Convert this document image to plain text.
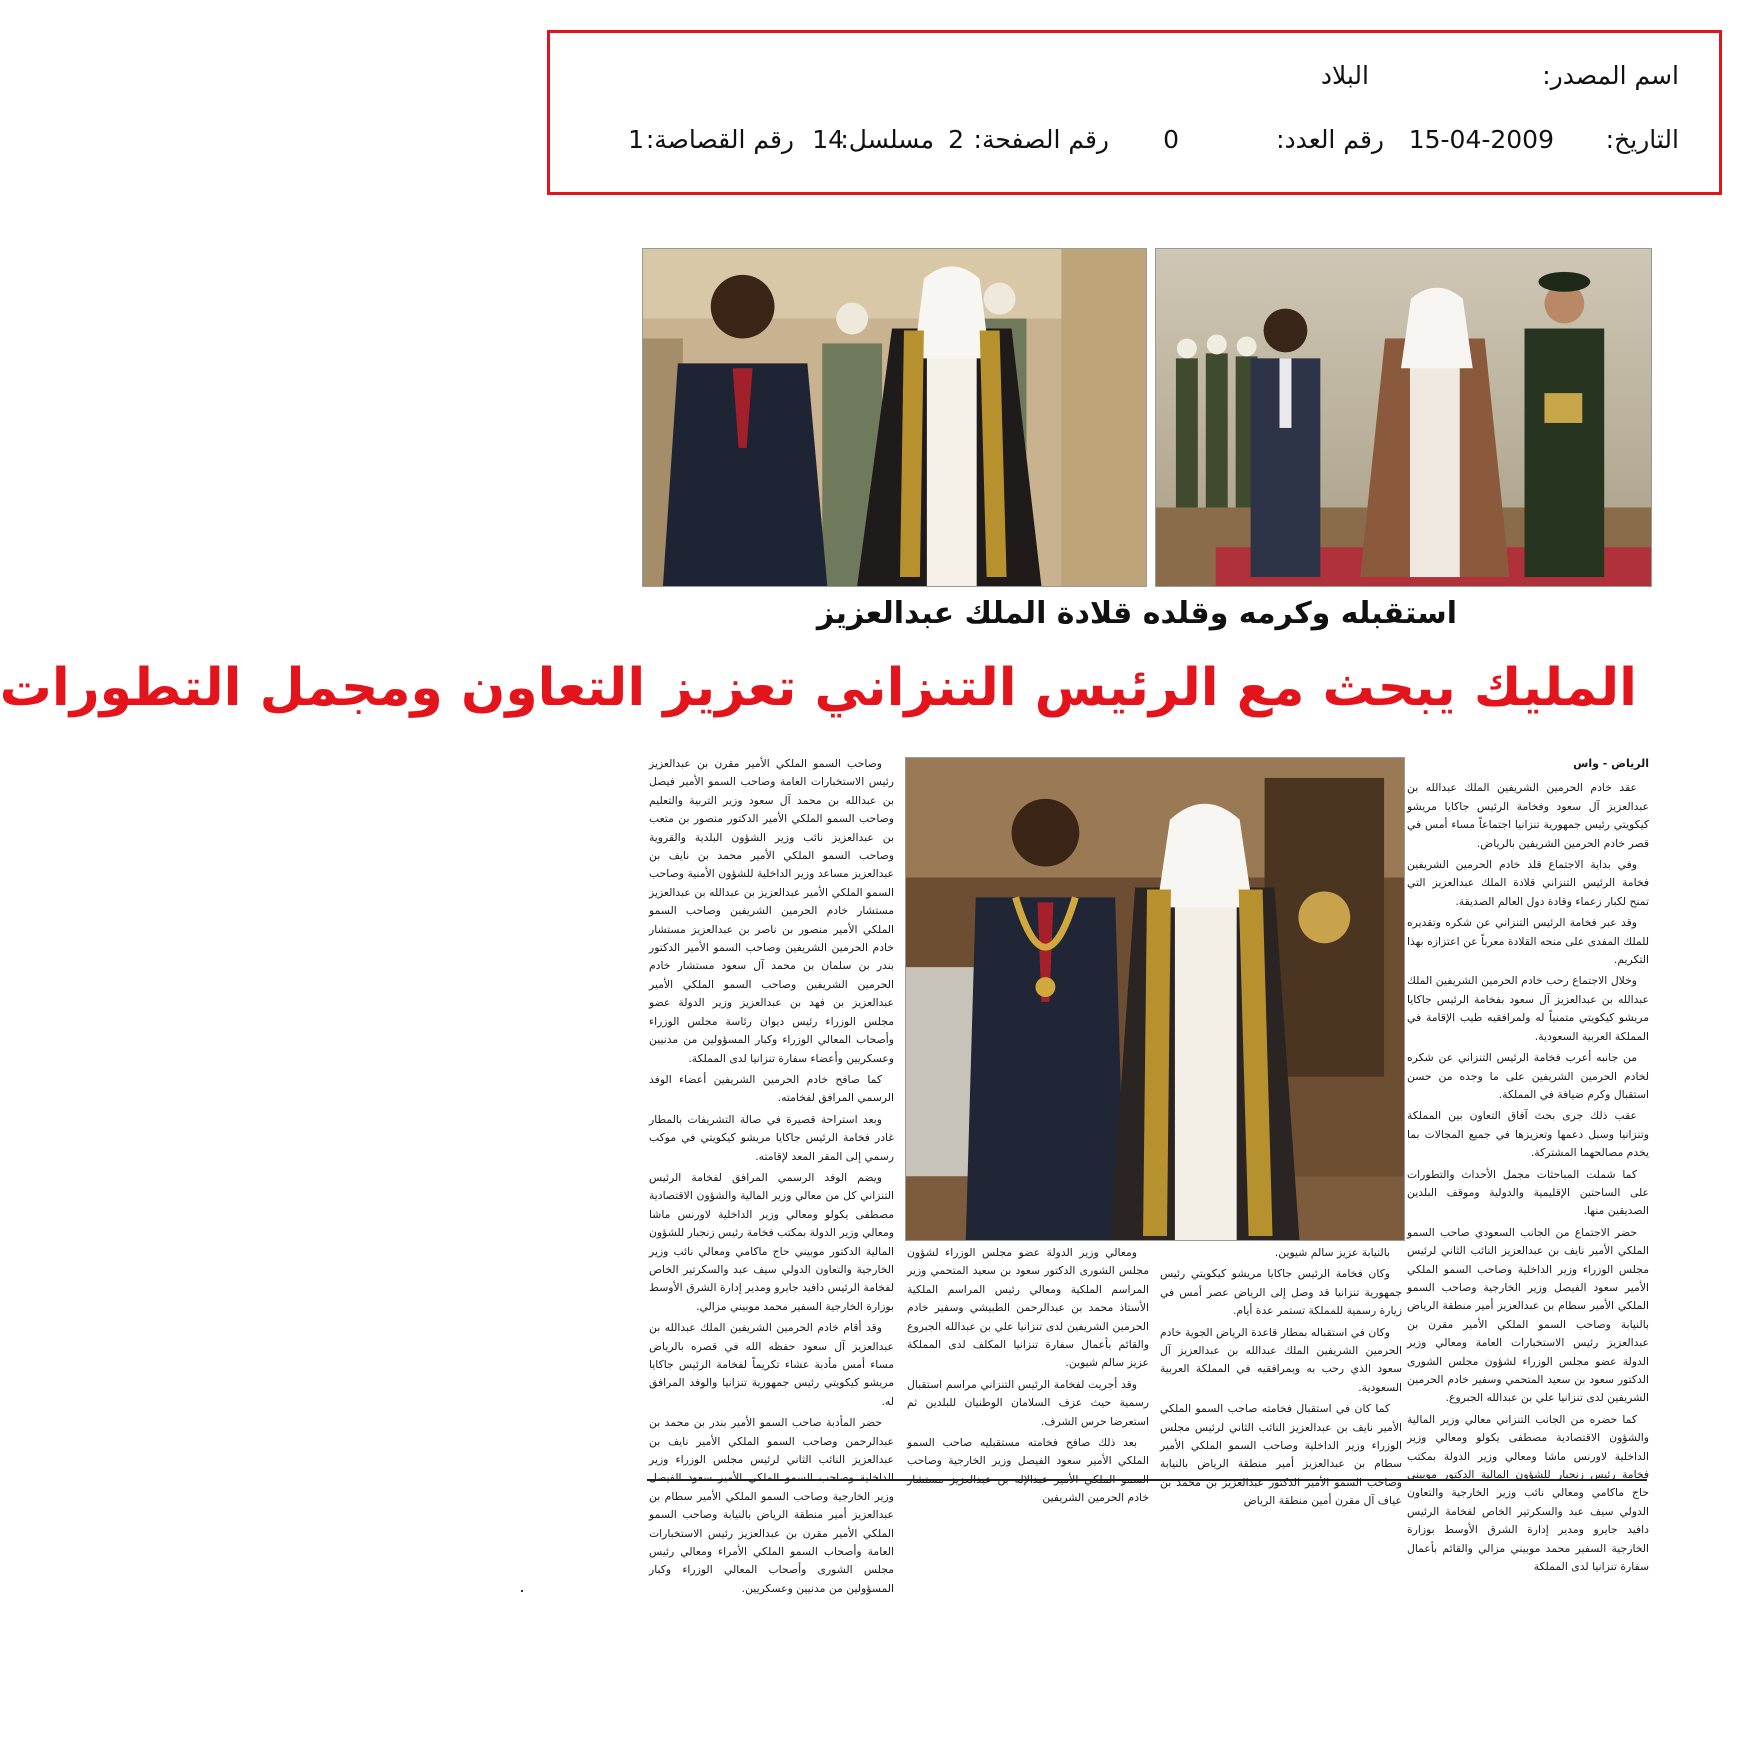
اسم المصدر:
البلاد
التاريخ:
15-04-2009
رقم العدد:
0
رقم الصفحة:
2
مسلسل:
14
رقم القصاصة:
1
استقبله وكرمه وقلده قلادة الملك عبدالعزيز
المليك يبحث مع الرئيس التنزاني تعزيز التعاون ومجمل التطورات
الرياض - واس

عقد خادم الحرمين الشريفين الملك عبدالله بن عبدالعزيز آل سعود وفخامة الرئيس جاكايا مريشو كيكويتي رئيس جمهورية تنزانيا اجتماعاً مساء أمس في قصر خادم الحرمين الشريفين بالرياض.

وفي بداية الاجتماع قلد خادم الحرمين الشريفين فخامة الرئيس التنزاني قلادة الملك عبدالعزيز التي تمنح لكبار زعماء وقادة دول العالم الصديقة.

وقد عبر فخامة الرئيس التنزاني عن شكره وتقديره للملك المفدى على منحه القلادة معرباً عن اعتزازه بهذا التكريم.

وخلال الاجتماع رحب خادم الحرمين الشريفين الملك عبدالله بن عبدالعزيز آل سعود بفخامة الرئيس جاكايا مريشو كيكويتي متمنياً له ولمرافقيه طيب الإقامة في المملكة العربية السعودية.

من جانبه أعرب فخامة الرئيس التنزاني عن شكره لخادم الحرمين الشريفين على ما وجده من حسن استقبال وكرم ضيافة في المملكة.

عقب ذلك جرى بحث آفاق التعاون بين المملكة وتنزانيا وسبل دعمها وتعزيزها في جميع المجالات بما يخدم مصالحهما المشتركة.

كما شملت المباحثات مجمل الأحداث والتطورات على الساحتين الإقليمية والدولية وموقف البلدين الصديقين منها.

حضر الاجتماع من الجانب السعودي صاحب السمو الملكي الأمير نايف بن عبدالعزيز النائب الثاني لرئيس مجلس الوزراء وزير الداخلية وصاحب السمو الملكي الأمير سعود الفيصل وزير الخارجية وصاحب السمو الملكي الأمير سطام بن عبدالعزيز أمير منطقة الرياض بالنيابة وصاحب السمو الملكي الأمير مقرن بن عبدالعزيز رئيس الاستخبارات العامة ومعالي وزير الدولة عضو مجلس الوزراء لشؤون مجلس الشورى الدكتور سعود بن سعيد المتحمي وسفير خادم الحرمين الشريفين لدى تنزانيا علي بن عبدالله الجبروع.

كما حضره من الجانب التنزاني معالي وزير المالية والشؤون الاقتصادية مصطفى يكولو ومعالي وزير الداخلية لاورنس ماشا ومعالي وزير الدولة بمكتب فخامة رئيس زنجبار للشؤون المالية الدكتور موبيني حاج ماكامي ومعالي نائب وزير الخارجية والتعاون الدولي سيف عبد والسكرتير الخاص لفخامة الرئيس دافيد جايرو ومدير إدارة الشرق الأوسط بوزارة الخارجية السفير محمد موبيني مزالي والقائم بأعمال سفارة تنزانيا لدى المملكة

بالنيابة عزيز سالم شيوين.

وكان فخامة الرئيس جاكايا مريشو كيكويتي رئيس جمهورية تنزانيا قد وصل إلى الرياض عصر أمس في زيارة رسمية للمملكة تستمر عدة أيام.

وكان في استقباله بمطار قاعدة الرياض الجوية خادم الحرمين الشريفين الملك عبدالله بن عبدالعزيز آل سعود الذي رحب به وبمرافقيه في المملكة العربية السعودية.

كما كان في استقبال فخامته صاحب السمو الملكي الأمير نايف بن عبدالعزيز النائب الثاني لرئيس مجلس الوزراء وزير الداخلية وصاحب السمو الملكي الأمير سطام بن عبدالعزيز أمير منطقة الرياض بالنيابة وصاحب السمو الأمير الدكتور عبدالعزيز بن محمد بن عياف آل مقرن أمين منطقة الرياض

ومعالي وزير الدولة عضو مجلس الوزراء لشؤون مجلس الشورى الدكتور سعود بن سعيد المتحمي وزير المراسم الملكية ومعالي رئيس المراسم الملكية الأستاذ محمد بن عبدالرحمن الطبيشي وسفير خادم الحرمين الشريفين لدى تنزانيا علي بن عبدالله الجبروع والقائم بأعمال سفارة تنزانيا المكلف لدى المملكة عزيز سالم شيوين.

وقد أجريت لفخامة الرئيس التنزاني مراسم استقبال رسمية حيث عزف السلامان الوطنيان للبلدين ثم استعرضا حرس الشرف.

بعد ذلك صافح فخامته مستقبليه صاحب السمو الملكي الأمير سعود الفيصل وزير الخارجية وصاحب السمو الملكي الأمير عبدالإله بن عبدالعزيز مستشار خادم الحرمين الشريفين

وصاحب السمو الملكي الأمير مقرن بن عبدالعزيز رئيس الاستخبارات العامة وصاحب السمو الأمير فيصل بن عبدالله بن محمد آل سعود وزير التربية والتعليم وصاحب السمو الملكي الأمير الدكتور منصور بن متعب بن عبدالعزيز نائب وزير الشؤون البلدية والقروية وصاحب السمو الملكي الأمير محمد بن نايف بن عبدالعزيز مساعد وزير الداخلية للشؤون الأمنية وصاحب السمو الملكي الأمير عبدالعزيز بن عبدالله بن عبدالعزيز مستشار خادم الحرمين الشريفين وصاحب السمو الملكي الأمير منصور بن ناصر بن عبدالعزيز مستشار خادم الحرمين الشريفين وصاحب السمو الأمير الدكتور بندر بن سلمان بن محمد آل سعود مستشار خادم الحرمين الشريفين وصاحب السمو الملكي الأمير عبدالعزيز بن فهد بن عبدالعزيز وزير الدولة عضو مجلس الوزراء رئيس ديوان رئاسة مجلس الوزراء وأصحاب المعالي الوزراء وكبار المسؤولين من مدنيين وعسكريين وأعضاء سفارة تنزانيا لدى المملكة.

كما صافح خادم الحرمين الشريفين أعضاء الوفد الرسمي المرافق لفخامته.

وبعد استراحة قصيرة في صالة التشريفات بالمطار غادر فخامة الرئيس جاكايا مريشو كيكويتي في موكب رسمي إلى المقر المعد لإقامته.

ويضم الوفد الرسمي المرافق لفخامة الرئيس التنزاني كل من معالي وزير المالية والشؤون الاقتصادية مصطفى يكولو ومعالي وزير الداخلية لاورنس ماشا ومعالي وزير الدولة بمكتب فخامة رئيس زنجبار للشؤون المالية الدكتور موبيني حاج ماكامي ومعالي نائب وزير الخارجية والتعاون الدولي سيف عبد والسكرتير الخاص لفخامة الرئيس دافيد جايرو ومدير إدارة الشرق الأوسط بوزارة الخارجية السفير محمد موبيني مزالي.

وقد أقام خادم الحرمين الشريفين الملك عبدالله بن عبدالعزيز آل سعود حفظه الله في قصره بالرياض مساء أمس مأدبة عشاء تكريماً لفخامة الرئيس جاكايا مريشو كيكويتي رئيس جمهورية تنزانيا والوفد المرافق له.

حضر المأدبة صاحب السمو الأمير بندر بن محمد بن عبدالرحمن وصاحب السمو الملكي الأمير نايف بن عبدالعزيز النائب الثاني لرئيس مجلس الوزراء وزير الداخلية وصاحب السمو الملكي الأمير سعود الفيصل وزير الخارجية وصاحب السمو الملكي الأمير سطام بن عبدالعزيز أمير منطقة الرياض بالنيابة وصاحب السمو الملكي الأمير مقرن بن عبدالعزيز رئيس الاستخبارات العامة وأصحاب السمو الملكي الأمراء ومعالي رئيس مجلس الشورى وأصحاب المعالي الوزراء وكبار المسؤولين من مدنيين وعسكريين.
